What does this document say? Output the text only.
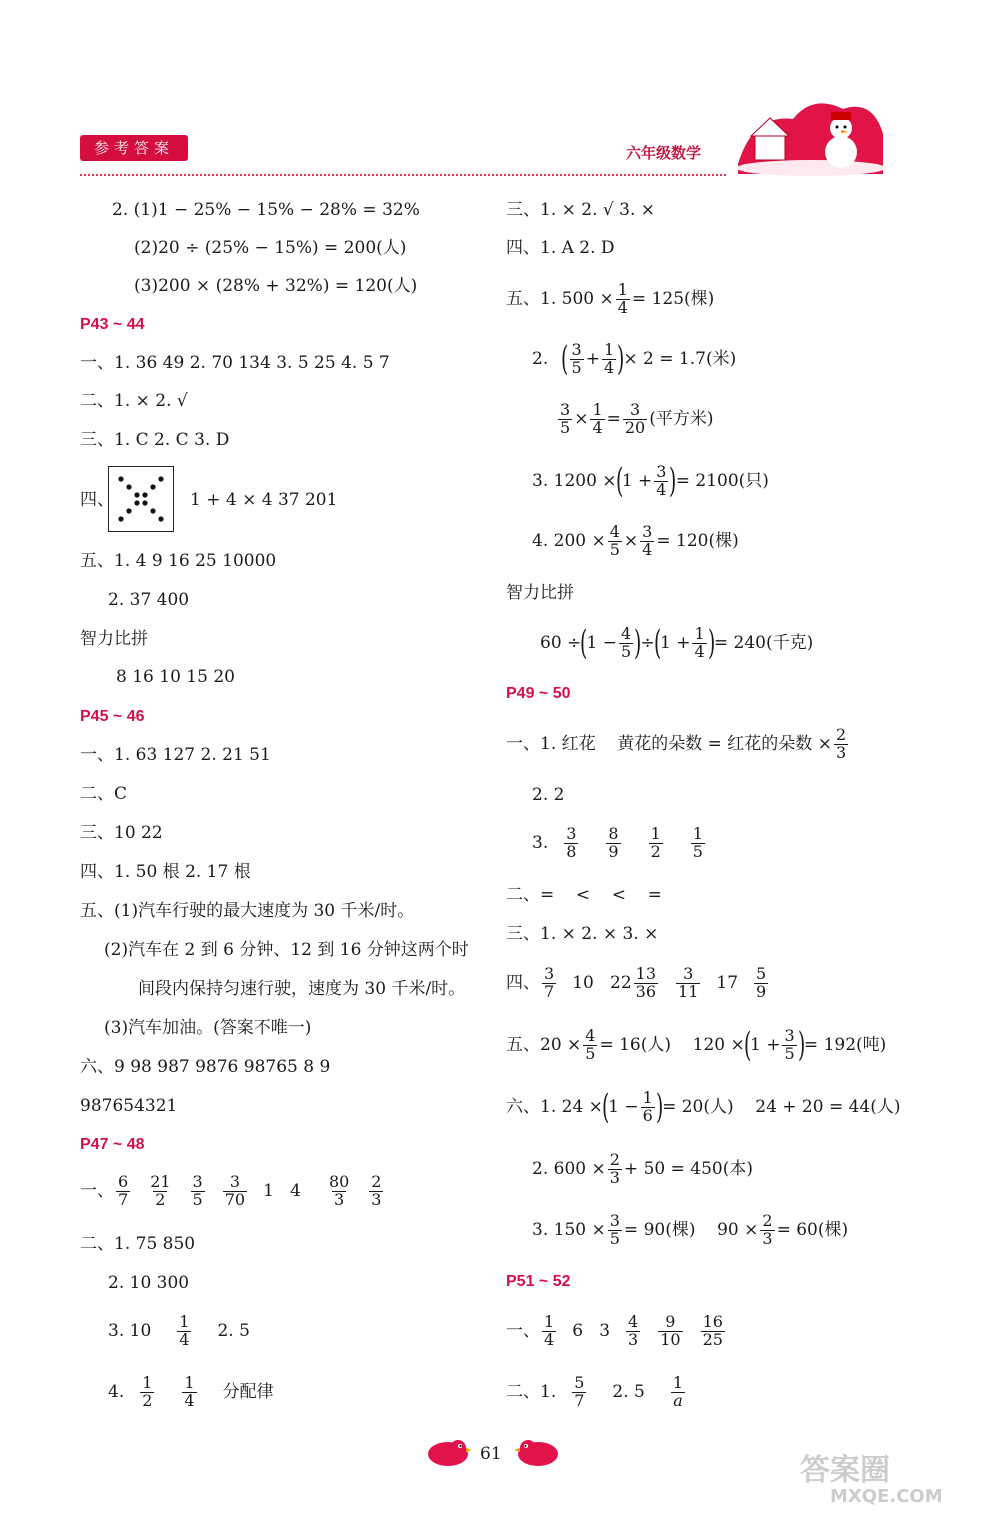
参考答案	六年级数学
2. (1)1 − 25% − 15% − 28% = 32%
(2)20 ÷ (25% − 15%) = 200(人)
(3)200 × (28% + 32%) = 120(人)
P43 ~ 44
一、1. 36 49 2. 70 134 3. 5 25 4. 5 7
二、1. × 2. √
三、1. C 2. C 3. D
四、	1 + 4 × 4 37 201
五、1. 4 9 16 25 10000
2. 37 400
智力比拼
8 16 10 15 20
P45 ~ 46
一、1. 63 127 2. 21 51
二、C
三、10 22
四、1. 50 根 2. 17 根
五、(1)汽车行驶的最大速度为 30 千米/时。
(2)汽车在 2 到 6 分钟、12 到 16 分钟这两个时
间段内保持匀速行驶，速度为 30 千米/时。
(3)汽车加油。(答案不唯一)
六、9 98 987 9876 98765 8 9
987654321
P47 ~ 48
一、 $\frac{6}{7} \frac{21}{2} \frac{3}{5} \frac{3}{70} 1$   $4 \frac{80}{3} \frac{2}{3}$
二、1. 75 850
2. 10 300
3. $10 \frac{1}{4} 2$. 5
4. $\frac{1}{2} \frac{1}{4}$ 分配律
三、1. × 2. √ 3. ×
四、1. A 2. D
五、1. $500 \times \frac{1}{4} = 125$(棵)
2. ( $\frac{3}{5} + \frac{1}{4}$ )
× 2 = 1.7(米)
$\frac{3}{5} \times \frac{1}{4} = \frac{3}{20}$ (平方米)
3. 1200 ×
(
$1 + \frac{3}{4}$ )
= 2100(只)
4. $200 \times \frac{4}{5} \times \frac{3}{4} = 120$(棵)
智力比拼
60 ÷
(
$1 - \frac{4}{5}$ )
÷
(
$1 + \frac{1}{4}$ )
= 240(千克)
P49 ~ 50
一、1. 红花    黄花的朵数 = 红花的朵数 × $\frac{2}{3}$
2. 2
3. $\frac{3}{8} \frac{8}{9} \frac{1}{2} \frac{1}{5}$
二、=    <    <    =
三、1. × 2. × 3. ×
四、 $\frac{3}{7} 10$   $22 \frac{13}{36} \frac{3}{11} 17 \frac{5}{9}$
五、$20 \times \frac{4}{5} = 16$(人)    120 ×
(
$1 + \frac{3}{5}$ )
= 192(吨)
六、1. 24 ×
(
$1 - \frac{1}{6}$ )
= 20(人)    24 + 20 = 44(人)
2. $600 \times \frac{2}{3} + 50 = 450$(本)
3. $150 \times \frac{3}{5} = 90$(棵)    $90 \times \frac{2}{3} = 60$(棵)
P51 ~ 52
一、 $\frac{1}{4} 6$   $3 \frac{4}{3} \frac{9}{10} \frac{16}{25}$
二、1. $\frac{5}{7} 2$. $5 \frac{1}{a}$
61	答案圈
MXQE.COM
